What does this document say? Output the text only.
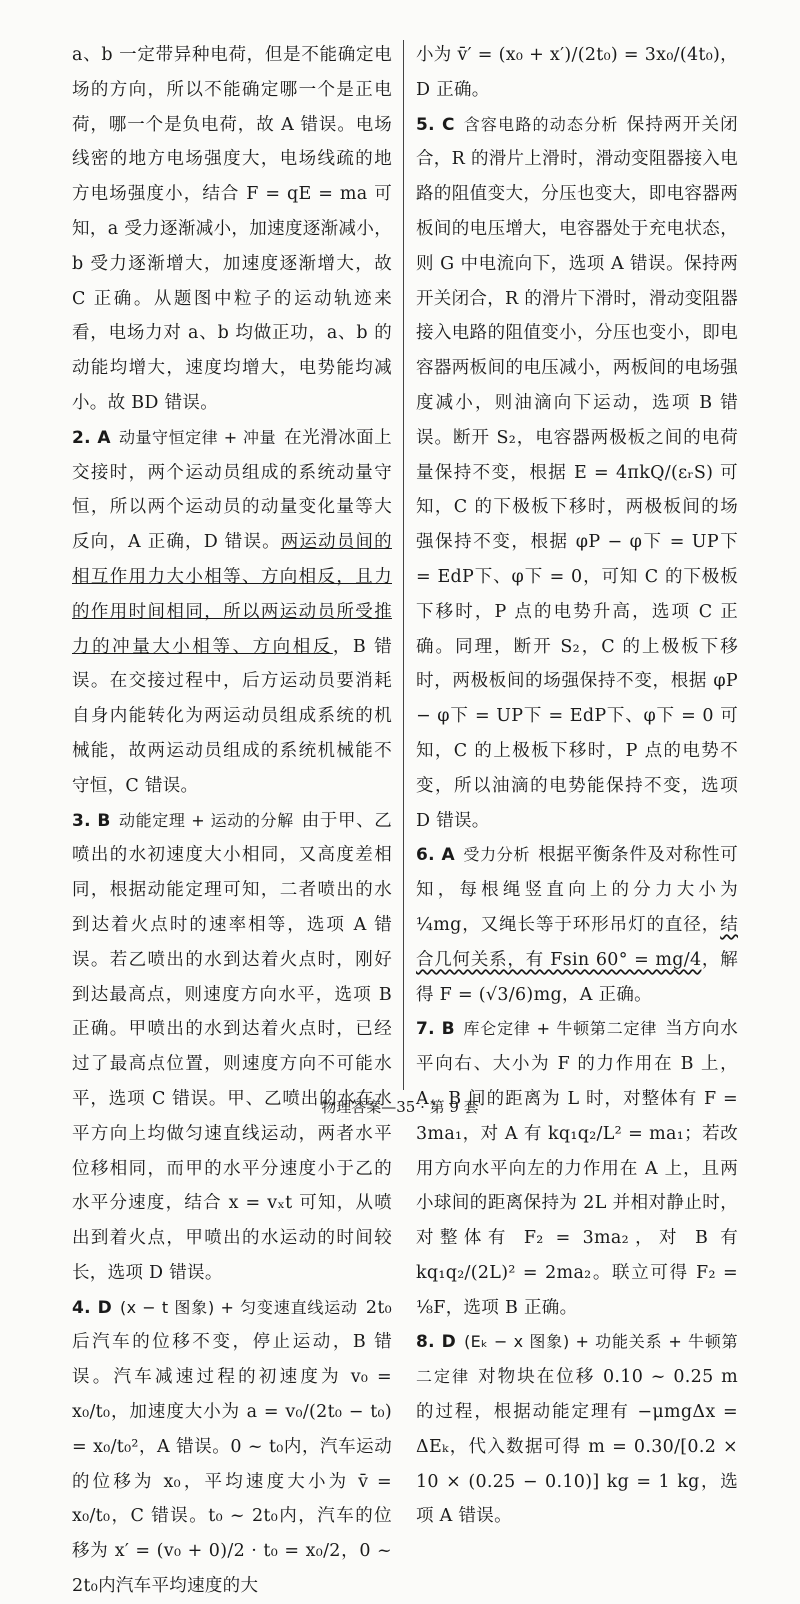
a、b 一定带异种电荷，但是不能确定电场的方向，所以不能确定哪一个是正电荷，哪一个是负电荷，故 A 错误。电场线密的地方电场强度大，电场线疏的地方电场强度小，结合 F = qE = ma 可知，a 受力逐渐减小，加速度逐渐减小，b 受力逐渐增大，加速度逐渐增大，故 C 正确。从题图中粒子的运动轨迹来看，电场力对 a、b 均做正功，a、b 的动能均增大，速度均增大，电势能均减小。故 BD 错误。

2. A 动量守恒定律 + 冲量 在光滑冰面上交接时，两个运动员组成的系统动量守恒，所以两个运动员的动量变化量等大反向，A 正确，D 错误。两运动员间的相互作用力大小相等、方向相反，且力的作用时间相同，所以两运动员所受推力的冲量大小相等、方向相反，B 错误。在交接过程中，后方运动员要消耗自身内能转化为两运动员组成系统的机械能，故两运动员组成的系统机械能不守恒，C 错误。

3. B 动能定理 + 运动的分解 由于甲、乙喷出的水初速度大小相同，又高度差相同，根据动能定理可知，二者喷出的水到达着火点时的速率相等，选项 A 错误。若乙喷出的水到达着火点时，刚好到达最高点，则速度方向水平，选项 B 正确。甲喷出的水到达着火点时，已经过了最高点位置，则速度方向不可能水平，选项 C 错误。甲、乙喷出的水在水平方向上均做匀速直线运动，两者水平位移相同，而甲的水平分速度小于乙的水平分速度，结合 x = vₓt 可知，从喷出到着火点，甲喷出的水运动的时间较长，选项 D 错误。

4. D (x − t 图象) + 匀变速直线运动 2t₀后汽车的位移不变，停止运动，B 错误。汽车减速过程的初速度为 v₀ = x₀/t₀，加速度大小为 a = v₀/(2t₀ − t₀) = x₀/t₀²，A 错误。0 ~ t₀内，汽车运动的位移为 x₀，平均速度大小为 v̄ = x₀/t₀，C 错误。t₀ ~ 2t₀内，汽车的位移为 x′ = (v₀ + 0)/2 · t₀ = x₀/2，0 ~ 2t₀内汽车平均速度的大

小为 v̄′ = (x₀ + x′)/(2t₀) = 3x₀/(4t₀)，D 正确。

5. C 含容电路的动态分析 保持两开关闭合，R 的滑片上滑时，滑动变阻器接入电路的阻值变大，分压也变大，即电容器两板间的电压增大，电容器处于充电状态，则 G 中电流向下，选项 A 错误。保持两开关闭合，R 的滑片下滑时，滑动变阻器接入电路的阻值变小，分压也变小，即电容器两板间的电压减小，两板间的电场强度减小，则油滴向下运动，选项 B 错误。断开 S₂，电容器两极板之间的电荷量保持不变，根据 E = 4πkQ/(εᵣS) 可知，C 的下极板下移时，两极板间的场强保持不变，根据 φP − φ下 = UP下 = EdP下、φ下 = 0，可知 C 的下极板下移时，P 点的电势升高，选项 C 正确。同理，断开 S₂，C 的上极板下移时，两极板间的场强保持不变，根据 φP − φ下 = UP下 = EdP下、φ下 = 0 可知，C 的上极板下移时，P 点的电势不变，所以油滴的电势能保持不变，选项 D 错误。

6. A 受力分析 根据平衡条件及对称性可知，每根绳竖直向上的分力大小为 ¼mg，又绳长等于环形吊灯的直径，结合几何关系，有 Fsin 60° = mg/4，解得 F = (√3/6)mg，A 正确。

7. B 库仑定律 + 牛顿第二定律 当方向水平向右、大小为 F 的力作用在 B 上，A、B 间的距离为 L 时，对整体有 F = 3ma₁，对 A 有 kq₁q₂/L² = ma₁；若改用方向水平向左的力作用在 A 上，且两小球间的距离保持为 2L 并相对静止时，对整体有 F₂ = 3ma₂，对 B 有 kq₁q₂/(2L)² = 2ma₂。联立可得 F₂ = ⅛F，选项 B 正确。

8. D (Eₖ − x 图象) + 功能关系 + 牛顿第二定律 对物块在位移 0.10 ~ 0.25 m 的过程，根据动能定理有 −μmgΔx = ΔEₖ，代入数据可得 m = 0.30/[0.2 × 10 × (0.25 − 0.10)] kg = 1 kg，选项 A 错误。

物理答案—35 · 第 9 套
